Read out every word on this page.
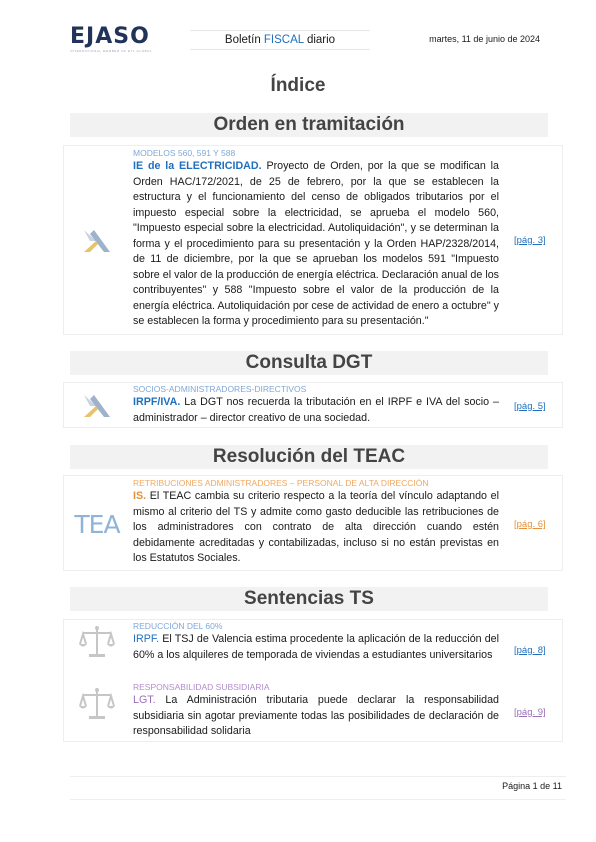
EJASO
INTERNATIONAL MEMBER OF ETL GLOBAL
Boletín FISCAL diario	martes, 11 de junio de 2024
Índice
Orden en tramitación
MODELOS 560, 591 Y 588
IE de la ELECTRICIDAD. Proyecto de Orden, por la que se modifican la Orden HAC/172/2021, de 25 de febrero, por la que se establecen la estructura y el funcionamiento del censo de obligados tributarios por el impuesto especial sobre la electricidad, se aprueba el modelo 560, "Impuesto especial sobre la electricidad. Autoliquidación", y se determinan la forma y el procedimiento para su presentación y la Orden HAP/2328/2014, de 11 de diciembre, por la que se aprueban los modelos 591 "Impuesto sobre el valor de la producción de energía eléctrica. Declaración anual de los contribuyentes" y 588 "Impuesto sobre el valor de la producción de la energía eléctrica. Autoliquidación por cese de actividad de enero a octubre" y se establecen la forma y procedimiento para su presentación."
[pág. 3]
Consulta DGT
SOCIOS-ADMINISTRADORES-DIRECTIVOS
IRPF/IVA. La DGT nos recuerda la tributación en el IRPF e IVA del socio – administrador – director creativo de una sociedad.
[pág. 5]
Resolución del TEAC
TEA
RETRIBUCIONES ADMINISTRADORES – PERSONAL DE ALTA DIRECCIÓN
IS. El TEAC cambia su criterio respecto a la teoría del vínculo adaptando el mismo al criterio del TS y admite como gasto deducible las retribuciones de los administradores con contrato de alta dirección cuando estén debidamente acreditadas y contabilizadas, incluso si no están previstas en los Estatutos Sociales.
[pág. 6]
Sentencias TS
REDUCCIÓN DEL 60%
IRPF. El TSJ de Valencia estima procedente la aplicación de la reducción del 60% a los alquileres de temporada de viviendas a estudiantes universitarios	[pág. 8]
RESPONSABILIDAD SUBSIDIARIA
LGT. La Administración tributaria puede declarar la responsabilidad subsidiaria sin agotar previamente todas las posibilidades de declaración de responsabilidad solidaria
[pág. 9]
Página 1 de 11
